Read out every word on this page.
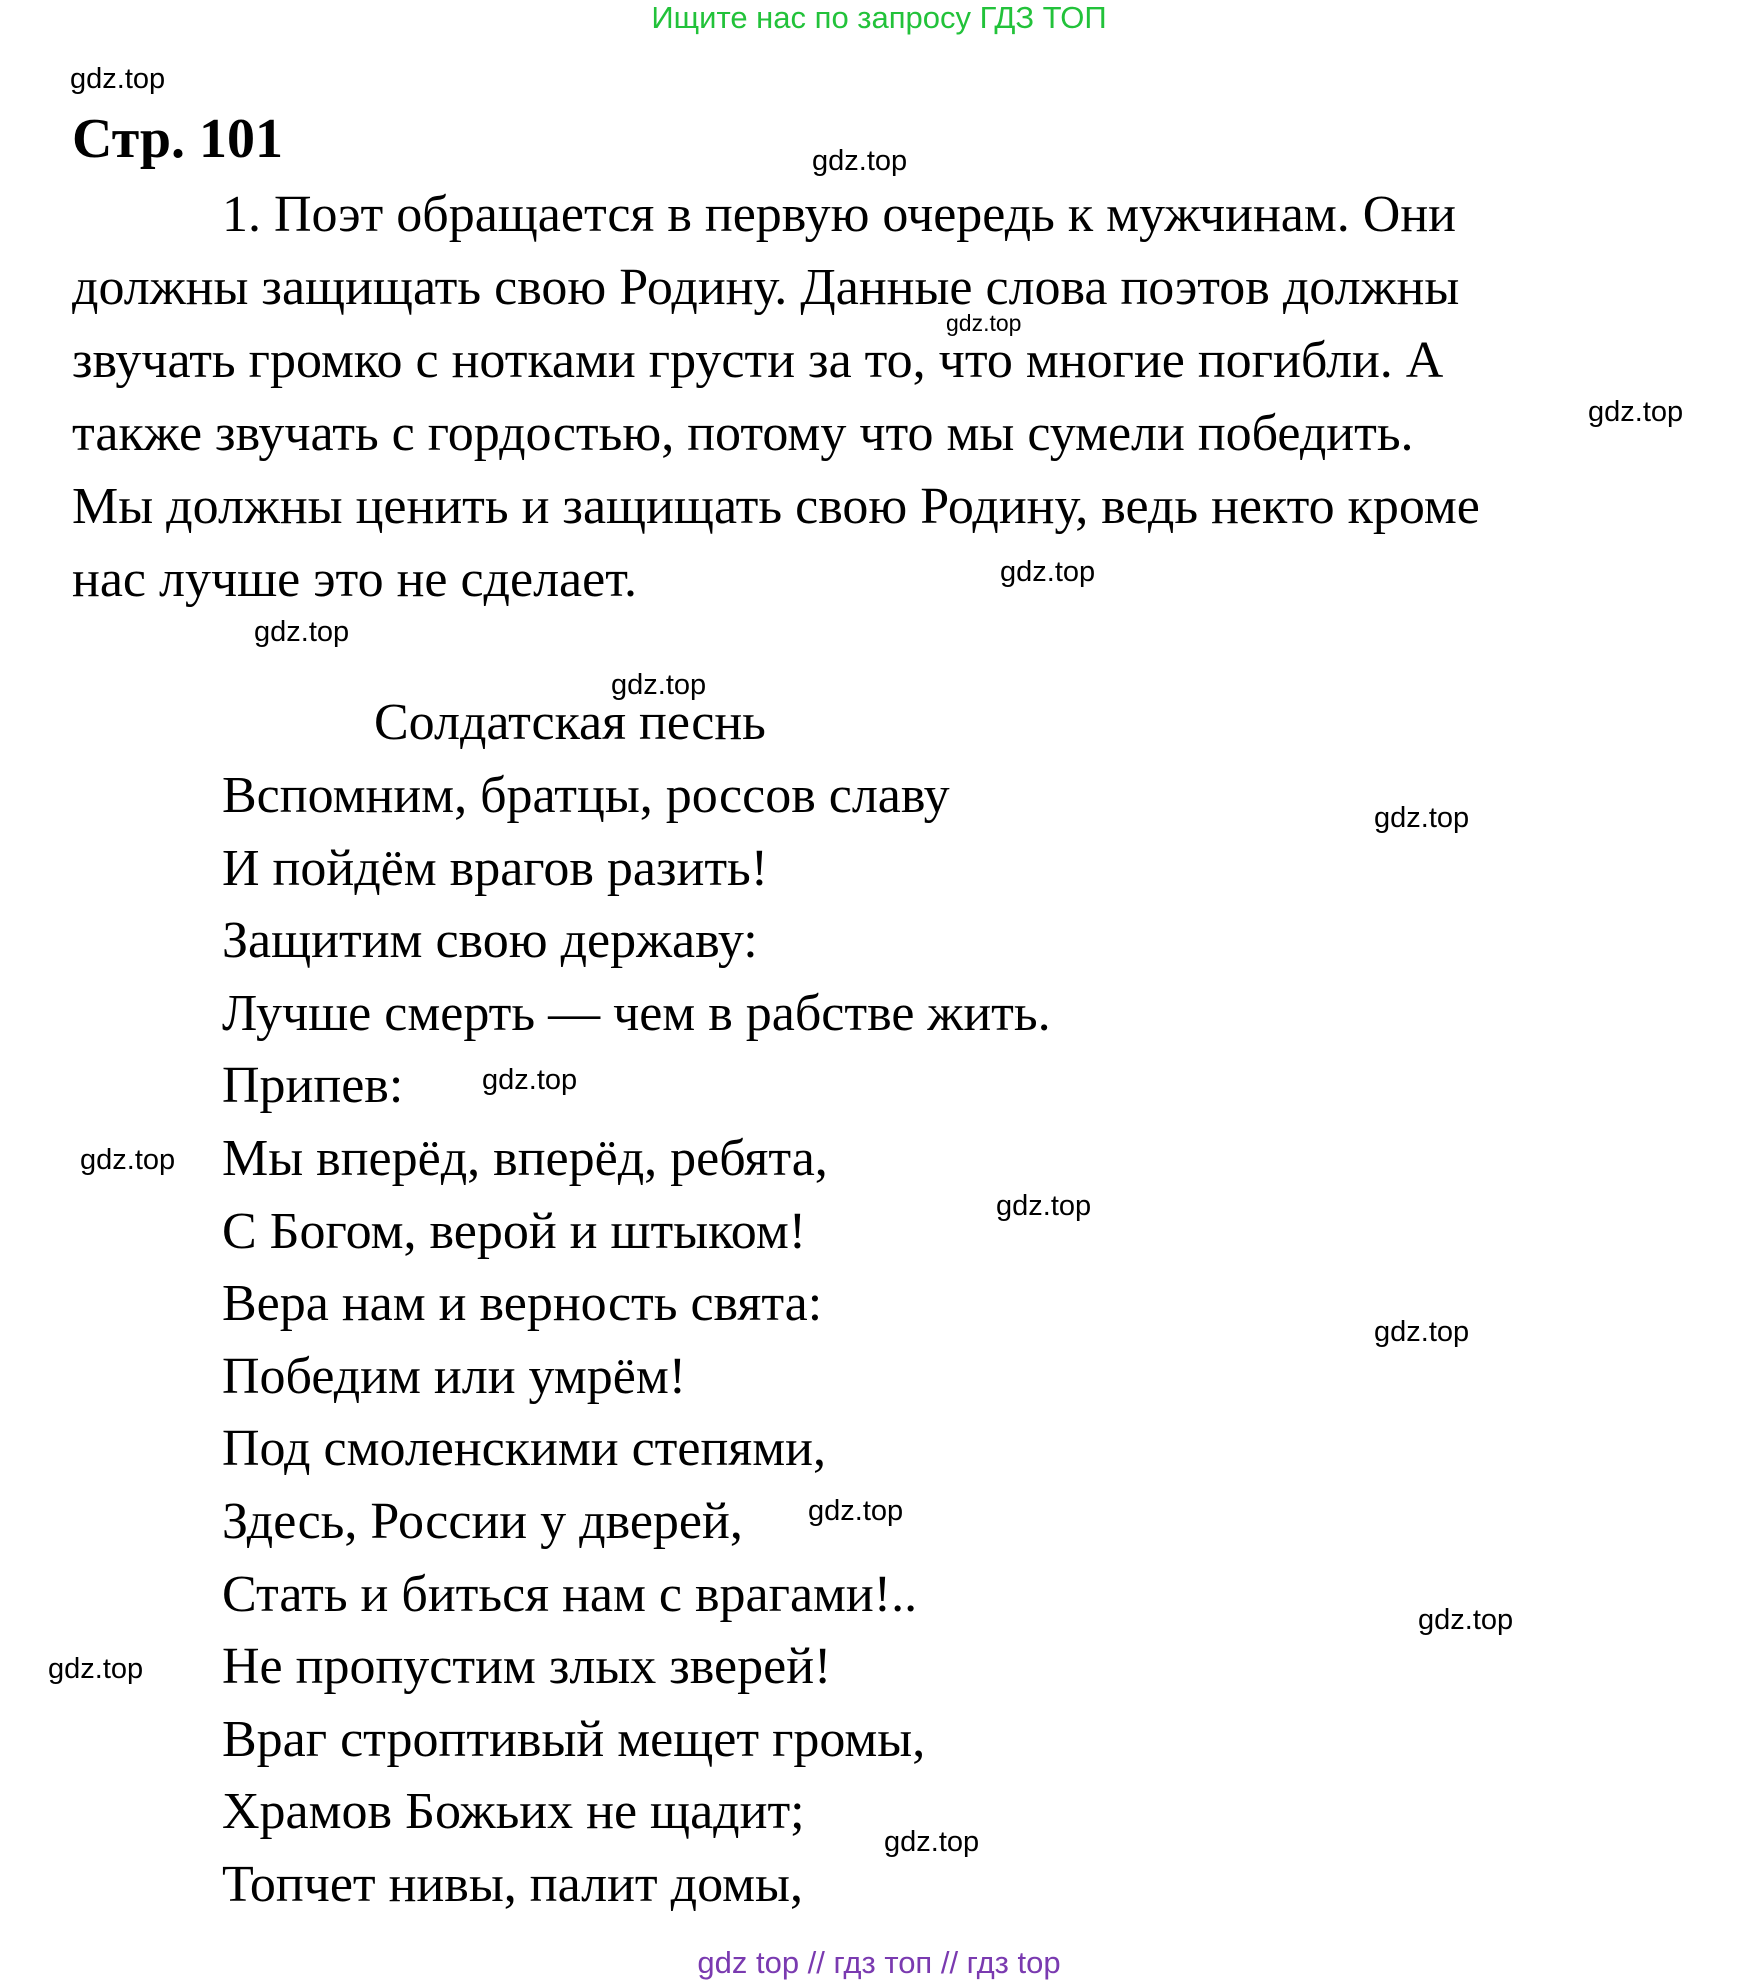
Ищите нас по запросу ГДЗ ТОП
gdz.top
gdz.top
gdz.top
gdz.top
gdz.top
gdz.top
gdz.top
gdz.top
gdz.top
gdz.top
gdz.top
gdz.top
gdz.top
gdz.top
gdz.top
gdz.top
Стр. 101

1. Поэт обращается в первую очередь к мужчинам. Они
должны защищать свою Родину. Данные слова поэтов должны
звучать громко с нотками грусти за то, что многие погибли. А
также звучать с гордостью, потому что мы сумели победить.
Мы должны ценить и защищать свою Родину, ведь некто кроме
нас лучше это не сделает.

Солдатская песнь
Вспомним, братцы, россов славу
И пойдём врагов разить!
Защитим свою державу:
Лучше смерть — чем в рабстве жить.
Припев:
Мы вперёд, вперёд, ребята,
С Богом, верой и штыком!
Вера нам и верность свята:
Победим или умрём!
Под смоленскими степями,
Здесь, России у дверей,
Стать и биться нам с врагами!..
Не пропустим злых зверей!
Враг строптивый мещет громы,
Храмов Божьих не щадит;
Топчет нивы, палит домы,
gdz top // гдз топ // гдз top
